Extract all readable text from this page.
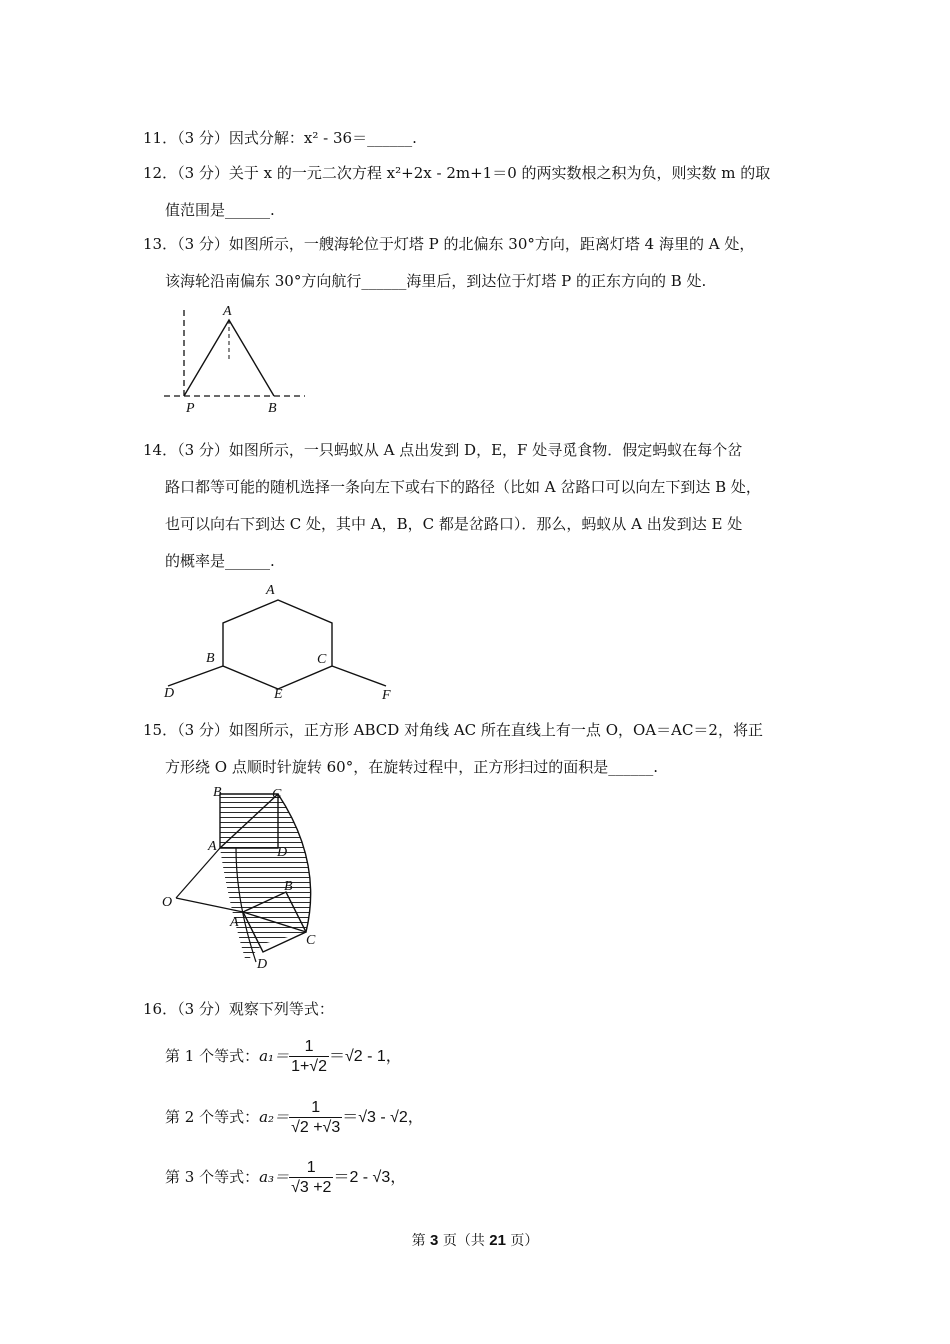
11．（3 分）因式分解：x² - 36＝______.
12．（3 分）关于 x 的一元二次方程 x²+2x - 2m+1＝0 的两实数根之积为负，则实数 m 的取
值范围是______.
13．（3 分）如图所示，一艘海轮位于灯塔 P 的北偏东 30°方向，距离灯塔 4 海里的 A 处，
该海轮沿南偏东 30°方向航行______海里后，到达位于灯塔 P 的正东方向的 B 处.
A
P	B
14．（3 分）如图所示，一只蚂蚁从 A 点出发到 D，E，F 处寻觅食物．假定蚂蚁在每个岔
路口都等可能的随机选择一条向左下或右下的路径（比如 A 岔路口可以向左下到达 B 处，
也可以向右下到达 C 处，其中 A，B，C 都是岔路口）．那么，蚂蚁从 A 出发到达 E 处
的概率是______.
A
B	C
D	E	F
15．（3 分）如图所示，正方形 ABCD 对角线 AC 所在直线上有一点 O，OA＝AC＝2，将正
方形绕 O 点顺时针旋转 60°，在旋转过程中，正方形扫过的面积是______.
B	C
A	D
O
B
A
C
D
16．（3 分）观察下列等式：
第 1 个等式：$a_1= \frac{1}{1+√2} =√2 - 1$，
第 2 个等式：$a_2= \frac{1}{√2 +√3} =√3 - √2$，
第 3 个等式：$a_3= \frac{1}{√3 +2} =2 - √3$，
第 3 页（共 21 页）
